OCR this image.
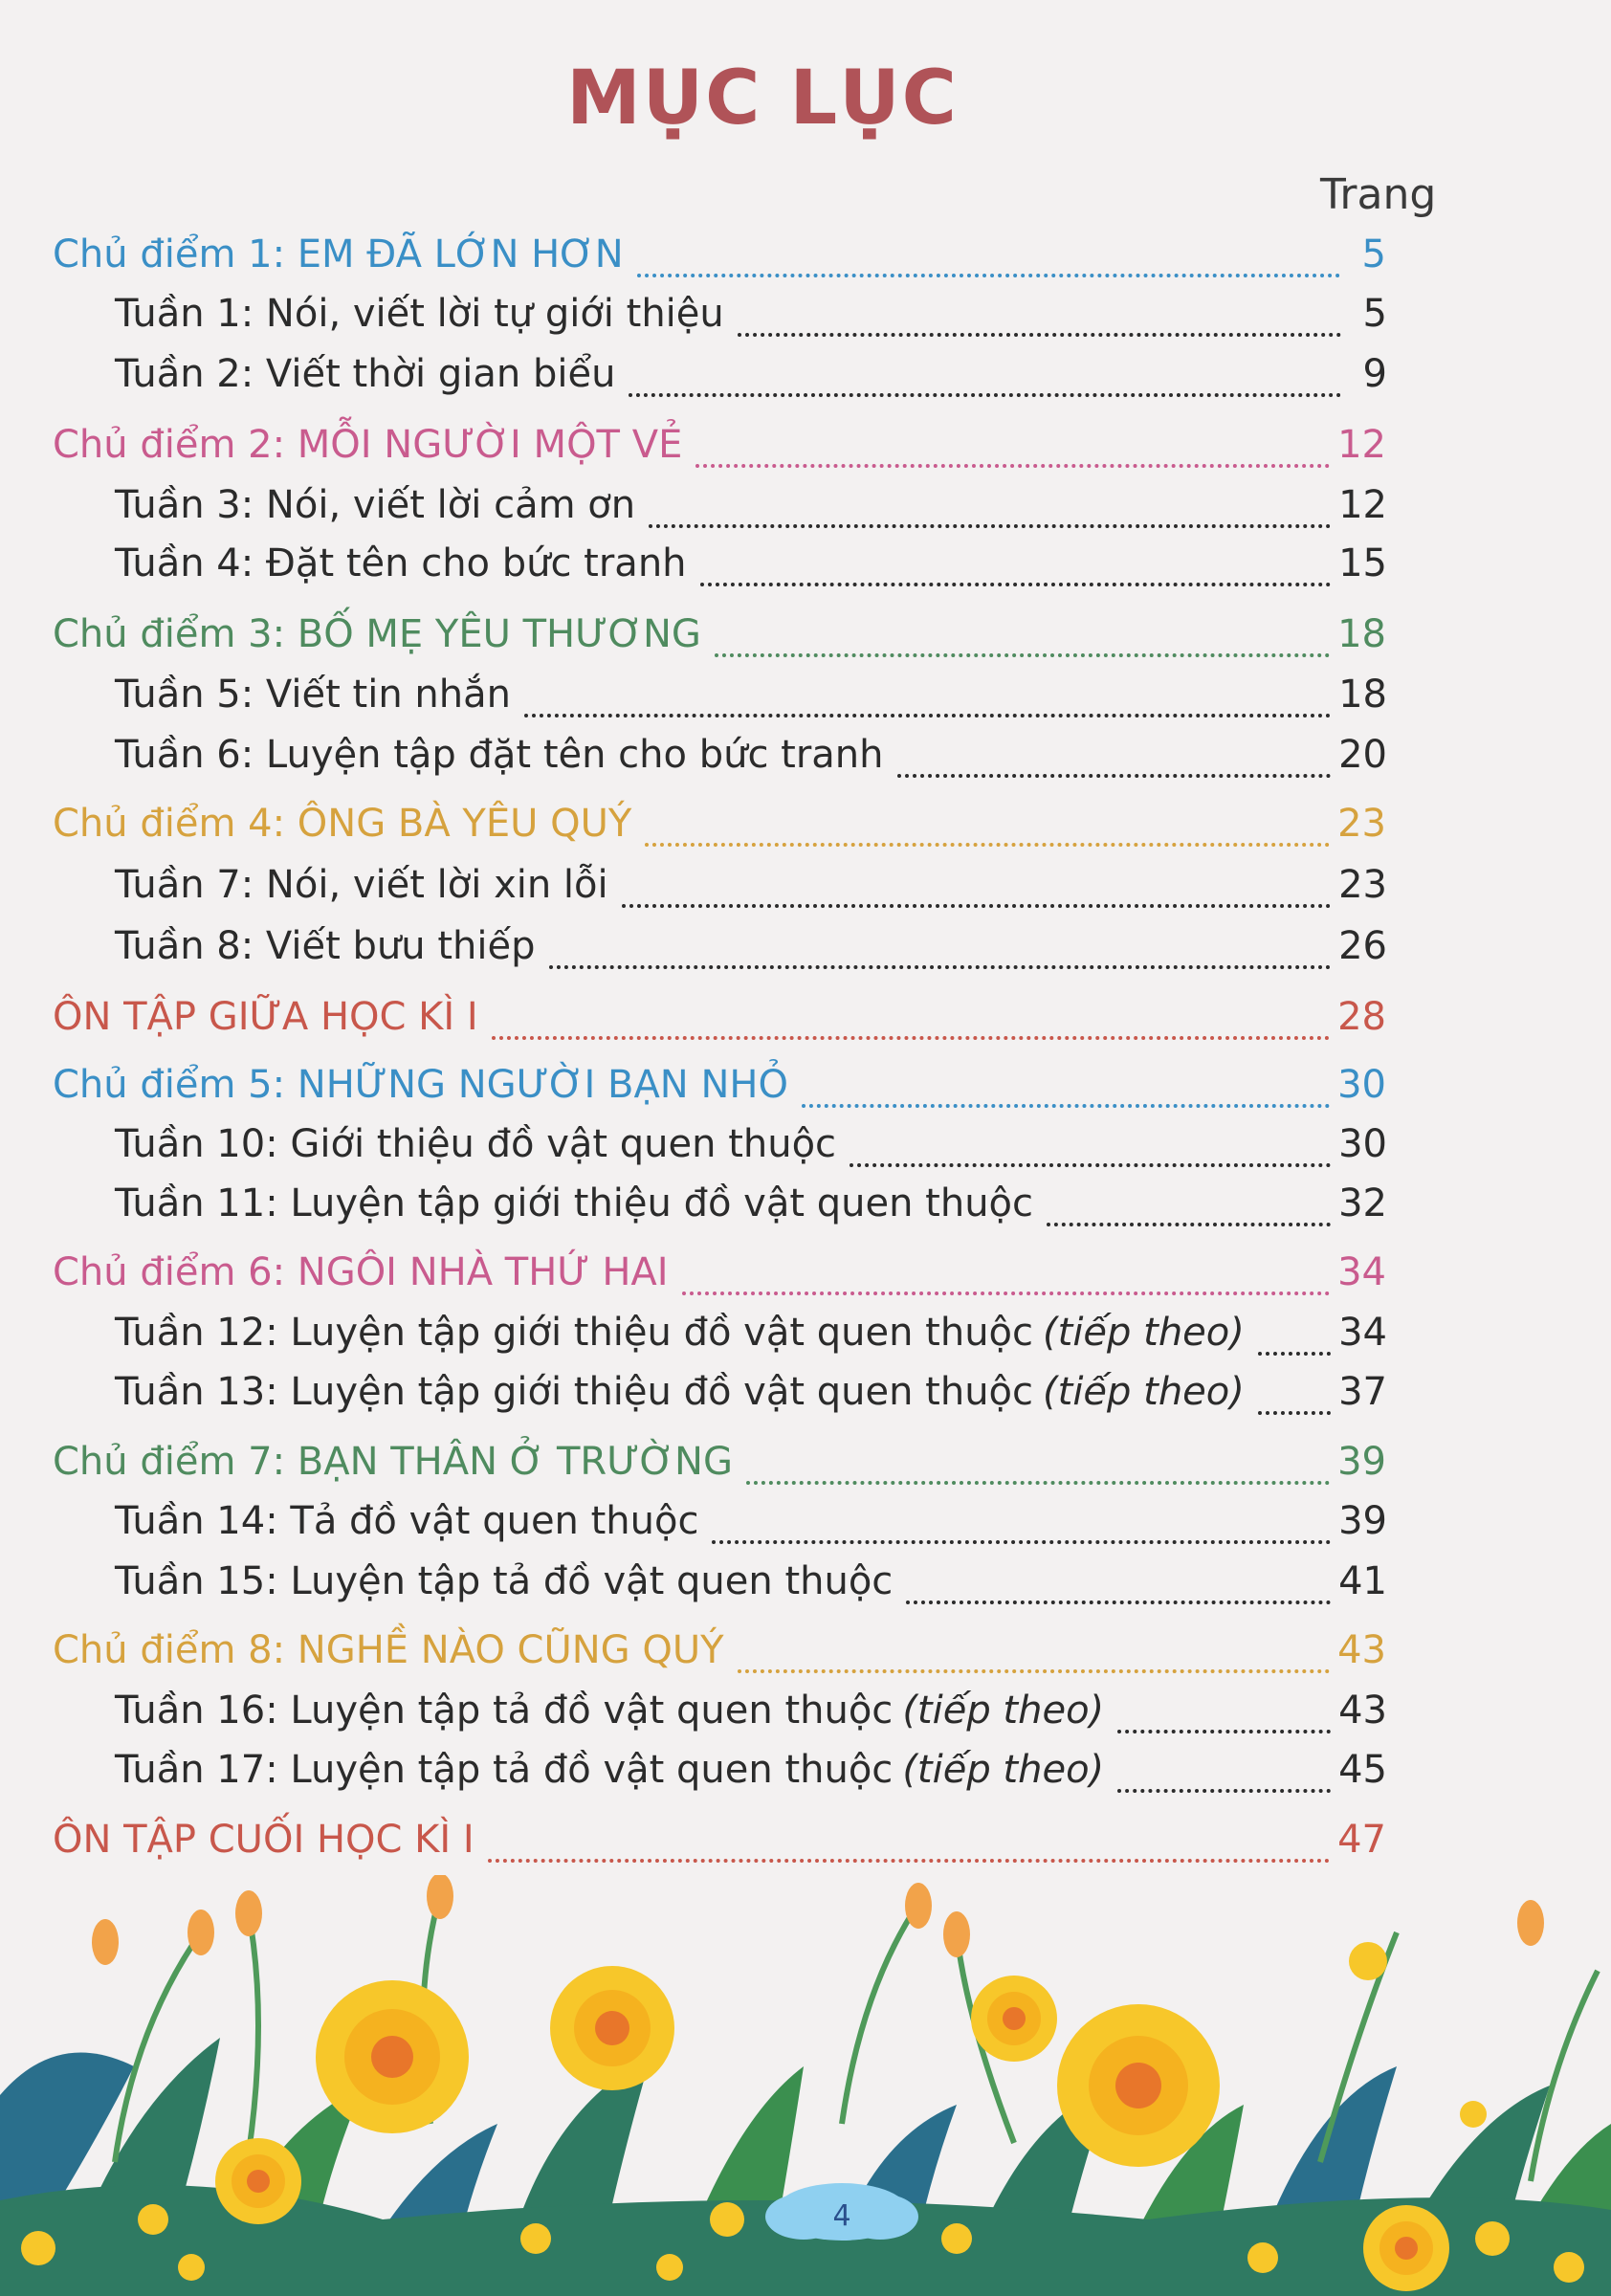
MỤC LỤC
Trang
Chủ điểm 1: EM ĐÃ LỚN HƠN	5
Tuần 1: Nói, viết lời tự giới thiệu	5
Tuần 2: Viết thời gian biểu	9
Chủ điểm 2: MỖI NGƯỜI MỘT VẺ	12
Tuần 3: Nói, viết lời cảm ơn	12
Tuần 4: Đặt tên cho bức tranh	15
Chủ điểm 3: BỐ MẸ YÊU THƯƠNG	18
Tuần 5: Viết tin nhắn	18
Tuần 6: Luyện tập đặt tên cho bức tranh	20
Chủ điểm 4: ÔNG BÀ YÊU QUÝ	23
Tuần 7: Nói, viết lời xin lỗi	23
Tuần 8: Viết bưu thiếp	26
ÔN TẬP GIỮA HỌC KÌ I	28
Chủ điểm 5: NHỮNG NGƯỜI BẠN NHỎ	30
Tuần 10: Giới thiệu đồ vật quen thuộc	30
Tuần 11: Luyện tập giới thiệu đồ vật quen thuộc	32
Chủ điểm 6: NGÔI NHÀ THỨ HAI	34
Tuần 12: Luyện tập giới thiệu đồ vật quen thuộc (tiếp theo) 34
Tuần 13: Luyện tập giới thiệu đồ vật quen thuộc (tiếp theo) 37
Chủ điểm 7: BẠN THÂN Ở TRƯỜNG	39
Tuần 14: Tả đồ vật quen thuộc	39
Tuần 15: Luyện tập tả đồ vật quen thuộc	41
Chủ điểm 8: NGHỀ NÀO CŨNG QUÝ	43
Tuần 16: Luyện tập tả đồ vật quen thuộc (tiếp theo)	43
Tuần 17: Luyện tập tả đồ vật quen thuộc (tiếp theo)	45
ÔN TẬP CUỐI HỌC KÌ I	47
4
